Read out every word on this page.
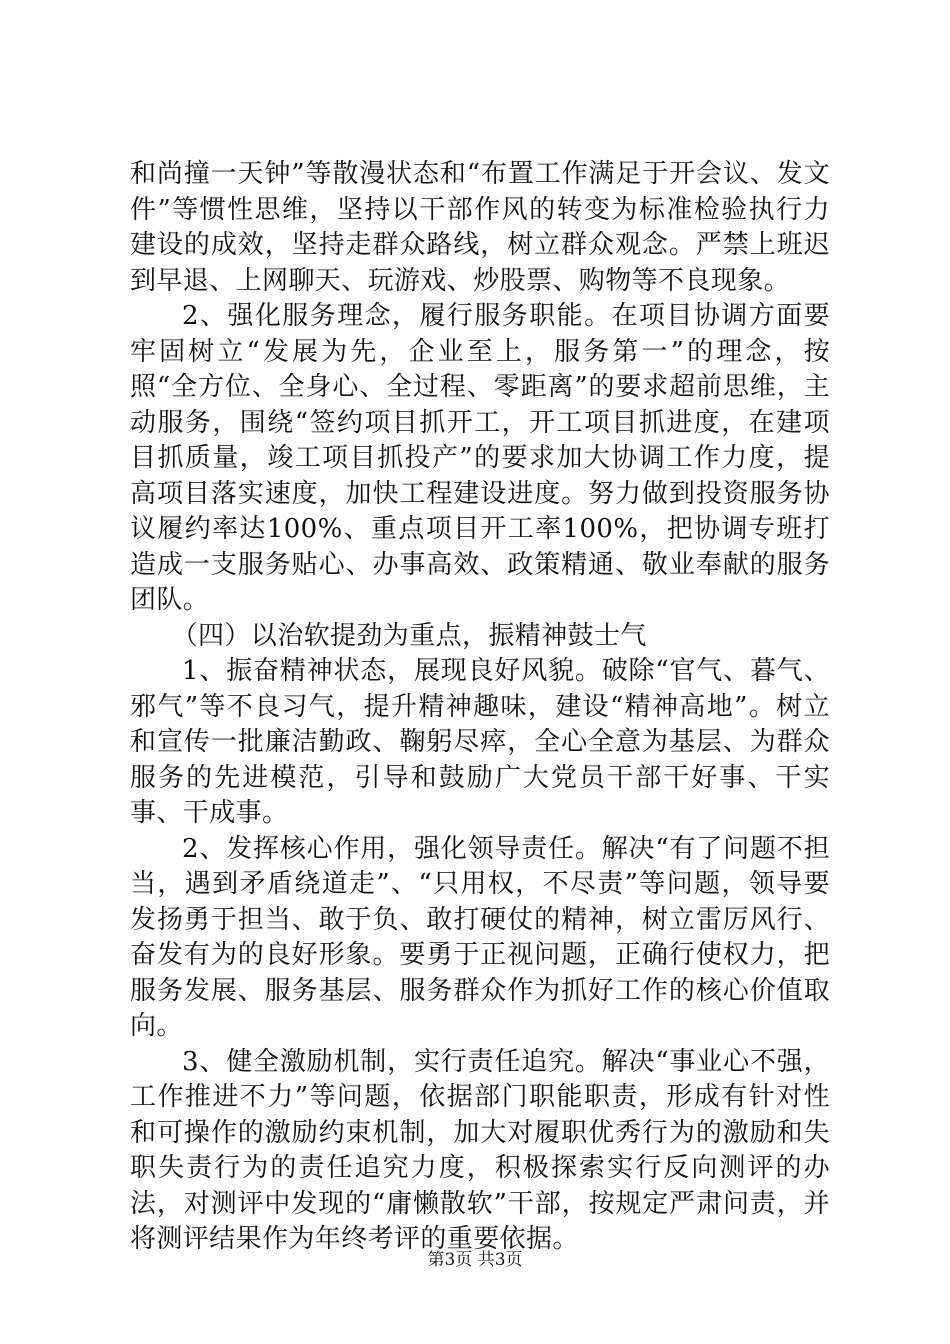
和尚撞一天钟”等散漫状态和“布置工作满足于开会议、发文件”等惯性思维，坚持以干部作风的转变为标准检验执行力建设的成效，坚持走群众路线，树立群众观念。严禁上班迟到早退、上网聊天、玩游戏、炒股票、购物等不良现象。

2、强化服务理念，履行服务职能。在项目协调方面要牢固树立“发展为先，企业至上，服务第一”的理念，按照“全方位、全身心、全过程、零距离”的要求超前思维，主动服务，围绕“签约项目抓开工，开工项目抓进度，在建项目抓质量，竣工项目抓投产”的要求加大协调工作力度，提高项目落实速度，加快工程建设进度。努力做到投资服务协议履约率达100%、重点项目开工率100%，把协调专班打造成一支服务贴心、办事高效、政策精通、敬业奉献的服务团队。

（四）以治软提劲为重点，振精神鼓士气

1、振奋精神状态，展现良好风貌。破除“官气、暮气、邪气”等不良习气，提升精神趣味，建设“精神高地”。树立和宣传一批廉洁勤政、鞠躬尽瘁，全心全意为基层、为群众服务的先进模范，引导和鼓励广大党员干部干好事、干实事、干成事。

2、发挥核心作用，强化领导责任。解决“有了问题不担当，遇到矛盾绕道走”、“只用权，不尽责”等问题，领导要发扬勇于担当、敢于负、敢打硬仗的精神，树立雷厉风行、奋发有为的良好形象。要勇于正视问题，正确行使权力，把服务发展、服务基层、服务群众作为抓好工作的核心价值取向。

3、健全激励机制，实行责任追究。解决“事业心不强，工作推进不力”等问题，依据部门职能职责，形成有针对性和可操作的激励约束机制，加大对履职优秀行为的激励和失职失责行为的责任追究力度，积极探索实行反向测评的办法，对测评中发现的“庸懒散软”干部，按规定严肃问责，并将测评结果作为年终考评的重要依据。

第3页 共3页
